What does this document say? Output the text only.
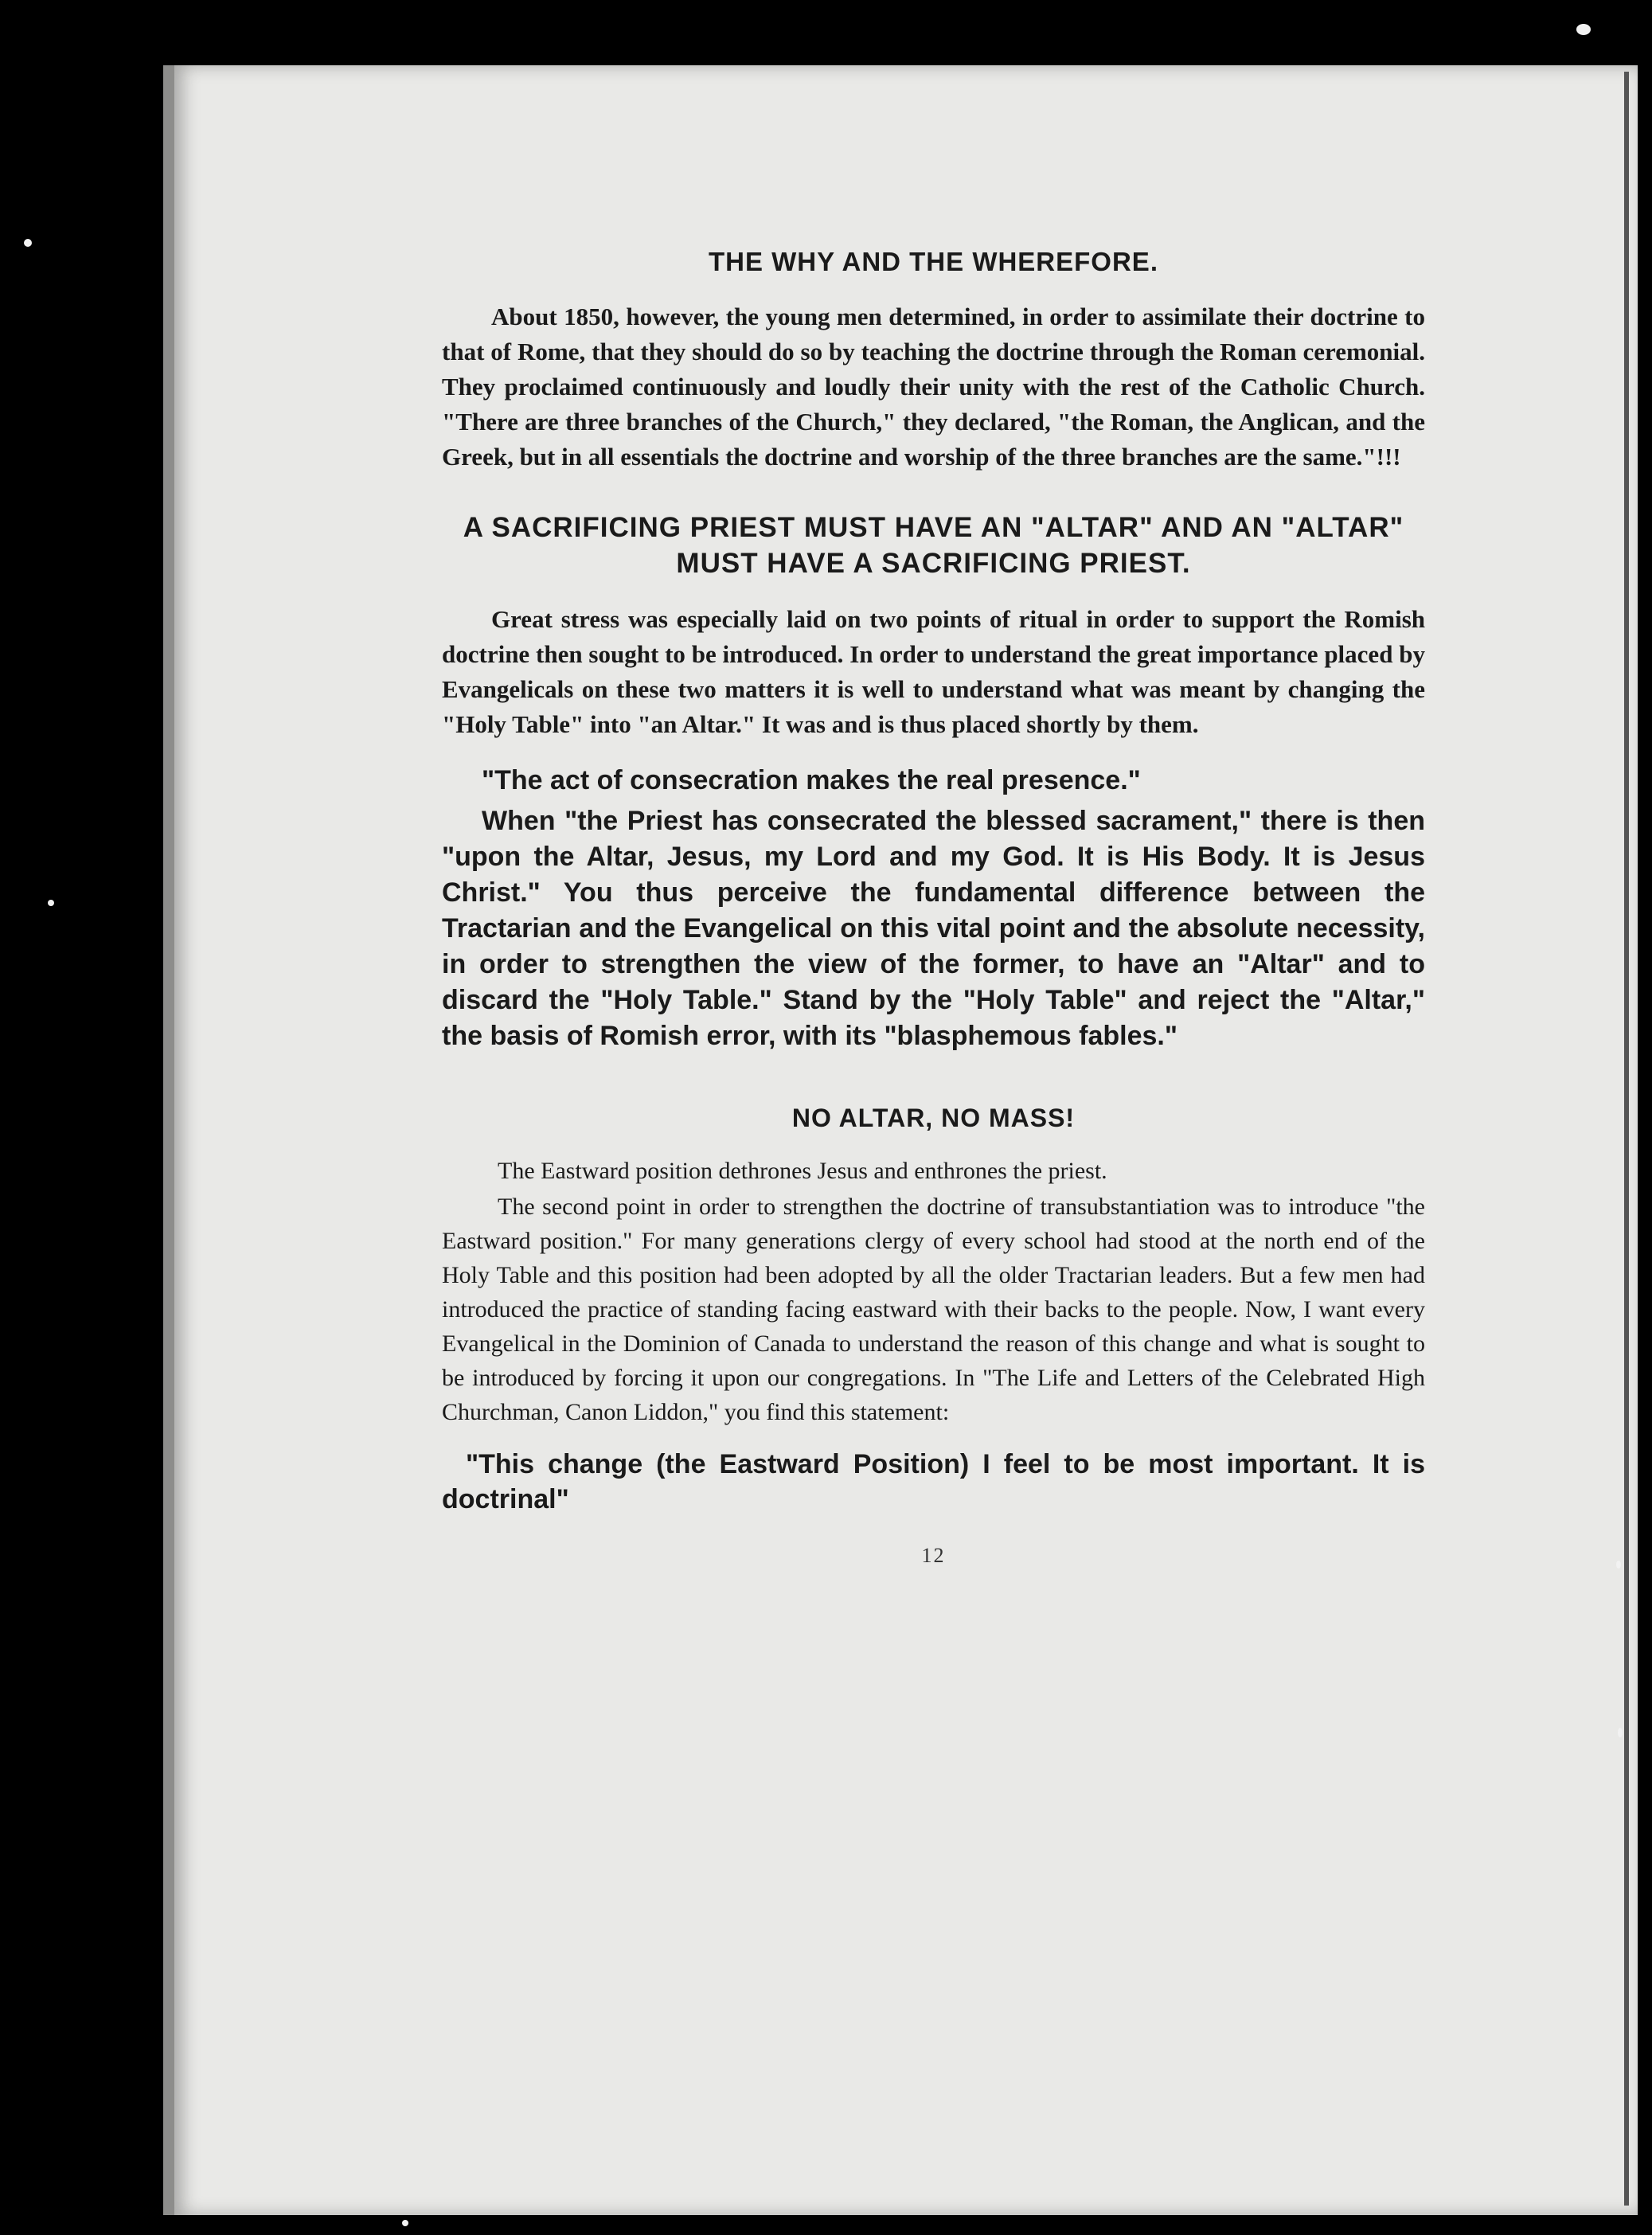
THE WHY AND THE WHEREFORE.

About 1850, however, the young men determined, in order to assimilate their doctrine to that of Rome, that they should do so by teaching the doctrine through the Roman ceremonial. They proclaimed continuously and loudly their unity with the rest of the Catholic Church. "There are three branches of the Church," they declared, "the Roman, the Anglican, and the Greek, but in all essentials the doctrine and worship of the three branches are the same."!!!

A SACRIFICING PRIEST MUST HAVE AN "ALTAR" AND AN "ALTAR" MUST HAVE A SACRIFICING PRIEST.

Great stress was especially laid on two points of ritual in order to support the Romish doctrine then sought to be introduced. In order to understand the great importance placed by Evangelicals on these two matters it is well to understand what was meant by changing the "Holy Table" into "an Altar." It was and is thus placed shortly by them.

"The act of consecration makes the real presence."

When "the Priest has consecrated the blessed sacrament," there is then "upon the Altar, Jesus, my Lord and my God. It is His Body. It is Jesus Christ." You thus perceive the fundamental difference between the Tractarian and the Evangelical on this vital point and the absolute necessity, in order to strengthen the view of the former, to have an "Altar" and to discard the "Holy Table." Stand by the "Holy Table" and reject the "Altar," the basis of Romish error, with its "blasphemous fables."

NO ALTAR, NO MASS!

The Eastward position dethrones Jesus and enthrones the priest.

The second point in order to strengthen the doctrine of transubstantiation was to introduce "the Eastward position." For many generations clergy of every school had stood at the north end of the Holy Table and this position had been adopted by all the older Tractarian leaders. But a few men had introduced the practice of standing facing eastward with their backs to the people. Now, I want every Evangelical in the Dominion of Canada to understand the reason of this change and what is sought to be introduced by forcing it upon our congregations. In "The Life and Letters of the Celebrated High Churchman, Canon Liddon," you find this statement:

"This change (the Eastward Position) I feel to be most important. It is doctrinal"

12
